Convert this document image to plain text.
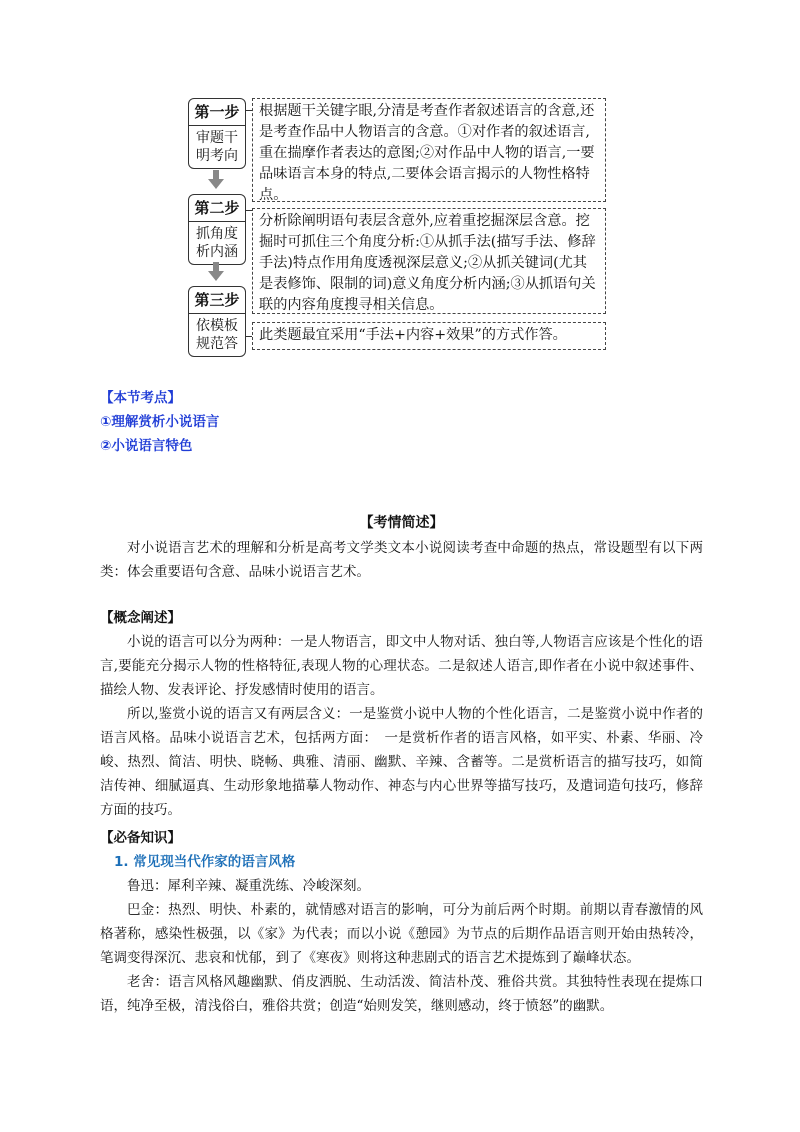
第一步
审题干明考向
第二步
抓角度析内涵
第三步
依模板规范答
根据题干关键字眼,分清是考查作者叙述语言的含意,还是考查作品中人物语言的含意。①对作者的叙述语言,重在揣摩作者表达的意图;②对作品中人物的语言,一要品味语言本身的特点,二要体会语言揭示的人物性格特点。
分析除阐明语句表层含意外,应着重挖掘深层含意。挖掘时可抓住三个角度分析:①从抓手法(描写手法、修辞手法)特点作用角度透视深层意义;②从抓关键词(尤其是表修饰、限制的词)意义角度分析内涵;③从抓语句关联的内容角度搜寻相关信息。
此类题最宜采用“手法+内容+效果”的方式作答。
【本节考点】
①理解赏析小说语言
②小说语言特色
【考情简述】

对小说语言艺术的理解和分析是高考文学类文本小说阅读考查中命题的热点，常设题型有以下两类：体会重要语句含意、品味小说语言艺术。

【概念阐述】

小说的语言可以分为两种：一是人物语言，即文中人物对话、独白等,人物语言应该是个性化的语言,要能充分揭示人物的性格特征,表现人物的心理状态。二是叙述人语言,即作者在小说中叙述事件、描绘人物、发表评论、抒发感情时使用的语言。

所以,鉴赏小说的语言又有两层含义：一是鉴赏小说中人物的个性化语言，二是鉴赏小说中作者的语言风格。品味小说语言艺术，包括两方面：　一是赏析作者的语言风格，如平实、朴素、华丽、冷峻、热烈、简洁、明快、晓畅、典雅、清丽、幽默、辛辣、含蓄等。二是赏析语言的描写技巧，如简洁传神、细腻逼真、生动形象地描摹人物动作、神态与内心世界等描写技巧，及遣词造句技巧，修辞方面的技巧。

【必备知识】
1. 常见现当代作家的语言风格

鲁迅：犀利辛辣、凝重洗练、冷峻深刻。

巴金：热烈、明快、朴素的，就情感对语言的影响，可分为前后两个时期。前期以青春激情的风格著称，感染性极强，以《家》为代表；而以小说《憩园》为节点的后期作品语言则开始由热转冷，笔调变得深沉、悲哀和忧郁，到了《寒夜》则将这种悲剧式的语言艺术提炼到了巅峰状态。

老舍：语言风格风趣幽默、俏皮洒脱、生动活泼、简洁朴茂、雅俗共赏。其独特性表现在提炼口语，纯净至极，清浅俗白，雅俗共赏；创造“始则发笑，继则感动，终于愤怒”的幽默。
